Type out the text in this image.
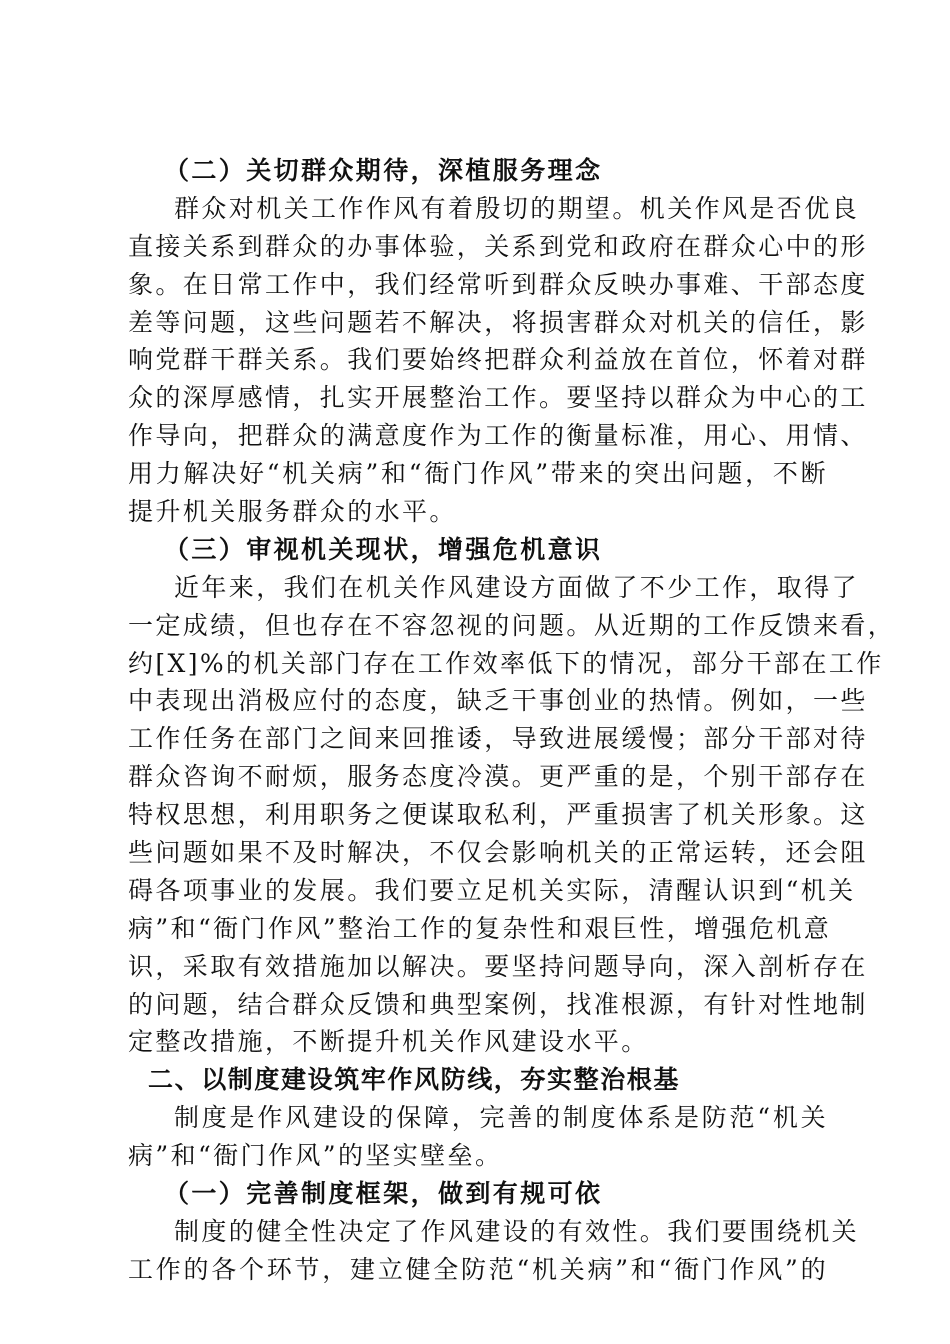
（二）关切群众期待，深植服务理念
群众对机关工作作风有着殷切的期望。机关作风是否优良
直接关系到群众的办事体验，关系到党和政府在群众心中的形
象。在日常工作中，我们经常听到群众反映办事难、干部态度
差等问题，这些问题若不解决，将损害群众对机关的信任，影
响党群干群关系。我们要始终把群众利益放在首位，怀着对群
众的深厚感情，扎实开展整治工作。要坚持以群众为中心的工
作导向，把群众的满意度作为工作的衡量标准，用心、用情、
用力解决好“机关病”和“衙门作风”带来的突出问题，不断
提升机关服务群众的水平。
（三）审视机关现状，增强危机意识
近年来，我们在机关作风建设方面做了不少工作，取得了
一定成绩，但也存在不容忽视的问题。从近期的工作反馈来看，
约[X]%的机关部门存在工作效率低下的情况，部分干部在工作
中表现出消极应付的态度，缺乏干事创业的热情。例如，一些
工作任务在部门之间来回推诿，导致进展缓慢；部分干部对待
群众咨询不耐烦，服务态度冷漠。更严重的是，个别干部存在
特权思想，利用职务之便谋取私利，严重损害了机关形象。这
些问题如果不及时解决，不仅会影响机关的正常运转，还会阻
碍各项事业的发展。我们要立足机关实际，清醒认识到“机关
病”和“衙门作风”整治工作的复杂性和艰巨性，增强危机意
识，采取有效措施加以解决。要坚持问题导向，深入剖析存在
的问题，结合群众反馈和典型案例，找准根源，有针对性地制
定整改措施，不断提升机关作风建设水平。
二、以制度建设筑牢作风防线，夯实整治根基
制度是作风建设的保障，完善的制度体系是防范“机关
病”和“衙门作风”的坚实壁垒。
（一）完善制度框架，做到有规可依
制度的健全性决定了作风建设的有效性。我们要围绕机关
工作的各个环节，建立健全防范“机关病”和“衙门作风”的
